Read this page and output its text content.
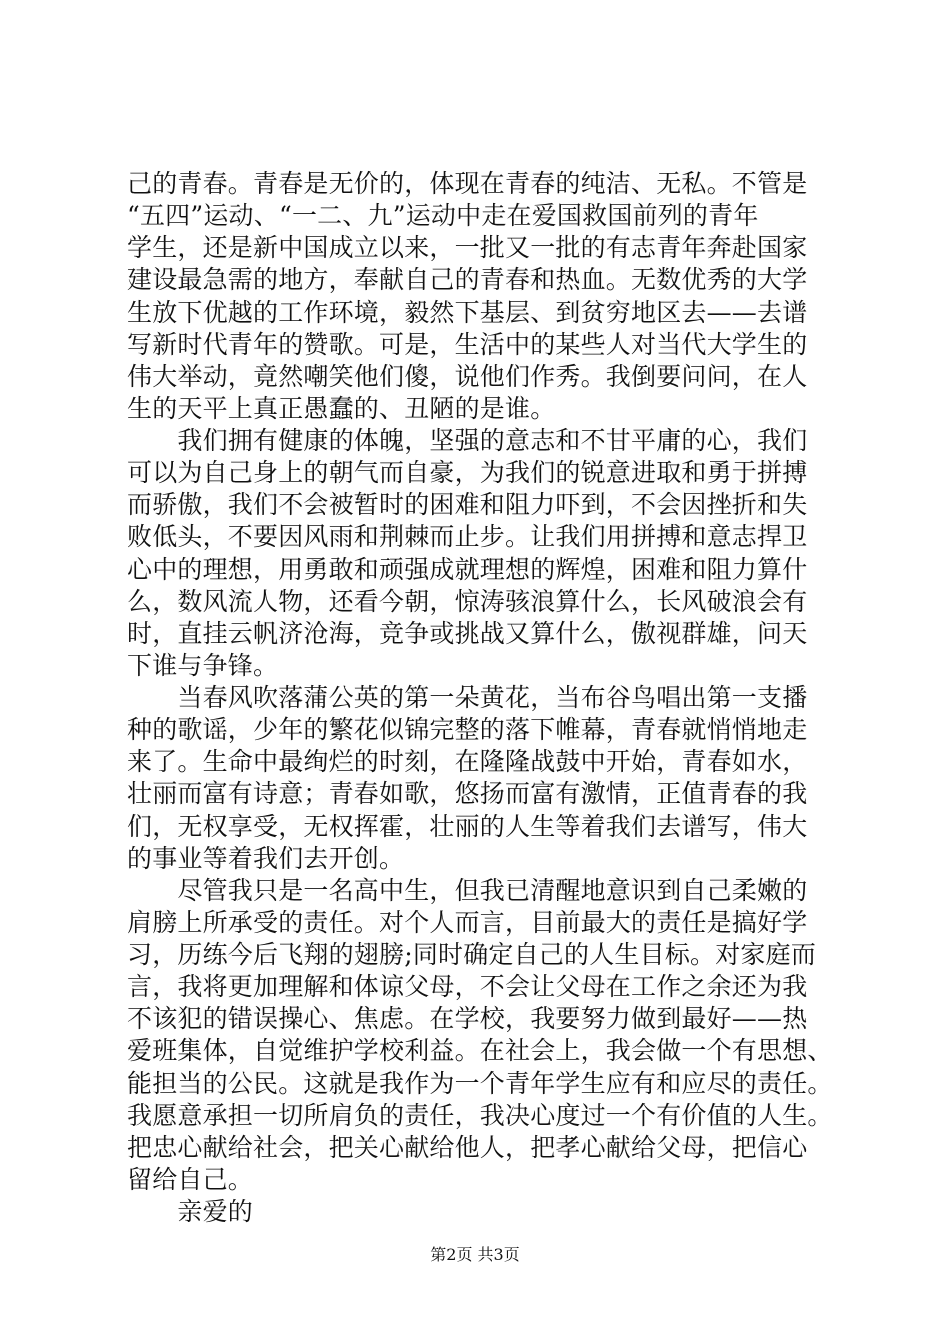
己的青春。青春是无价的，体现在青春的纯洁、无私。不管是
“五四”运动、“一二、九”运动中走在爱国救国前列的青年
学生，还是新中国成立以来，一批又一批的有志青年奔赴国家
建设最急需的地方，奉献自己的青春和热血。无数优秀的大学
生放下优越的工作环境，毅然下基层、到贫穷地区去——去谱
写新时代青年的赞歌。可是，生活中的某些人对当代大学生的
伟大举动，竟然嘲笑他们傻，说他们作秀。我倒要问问，在人
生的天平上真正愚蠢的、丑陋的是谁。
　　我们拥有健康的体魄，坚强的意志和不甘平庸的心，我们
可以为自己身上的朝气而自豪，为我们的锐意进取和勇于拼搏
而骄傲，我们不会被暂时的困难和阻力吓到，不会因挫折和失
败低头，不要因风雨和荆棘而止步。让我们用拼搏和意志捍卫
心中的理想，用勇敢和顽强成就理想的辉煌，困难和阻力算什
么，数风流人物，还看今朝，惊涛骇浪算什么，长风破浪会有
时，直挂云帆济沧海，竞争或挑战又算什么，傲视群雄，问天
下谁与争锋。
　　当春风吹落蒲公英的第一朵黄花，当布谷鸟唱出第一支播
种的歌谣，少年的繁花似锦完整的落下帷幕，青春就悄悄地走
来了。生命中最绚烂的时刻，在隆隆战鼓中开始，青春如水，
壮丽而富有诗意；青春如歌，悠扬而富有激情，正值青春的我
们，无权享受，无权挥霍，壮丽的人生等着我们去谱写，伟大
的事业等着我们去开创。
　　尽管我只是一名高中生，但我已清醒地意识到自己柔嫩的
肩膀上所承受的责任。对个人而言，目前最大的责任是搞好学
习，历练今后飞翔的翅膀;同时确定自己的人生目标。对家庭而
言，我将更加理解和体谅父母，不会让父母在工作之余还为我
不该犯的错误操心、焦虑。在学校，我要努力做到最好——热
爱班集体，自觉维护学校利益。在社会上，我会做一个有思想、
能担当的公民。这就是我作为一个青年学生应有和应尽的责任。
我愿意承担一切所肩负的责任，我决心度过一个有价值的人生。
把忠心献给社会，把关心献给他人，把孝心献给父母，把信心
留给自己。
　　亲爱的
第2页 共3页
